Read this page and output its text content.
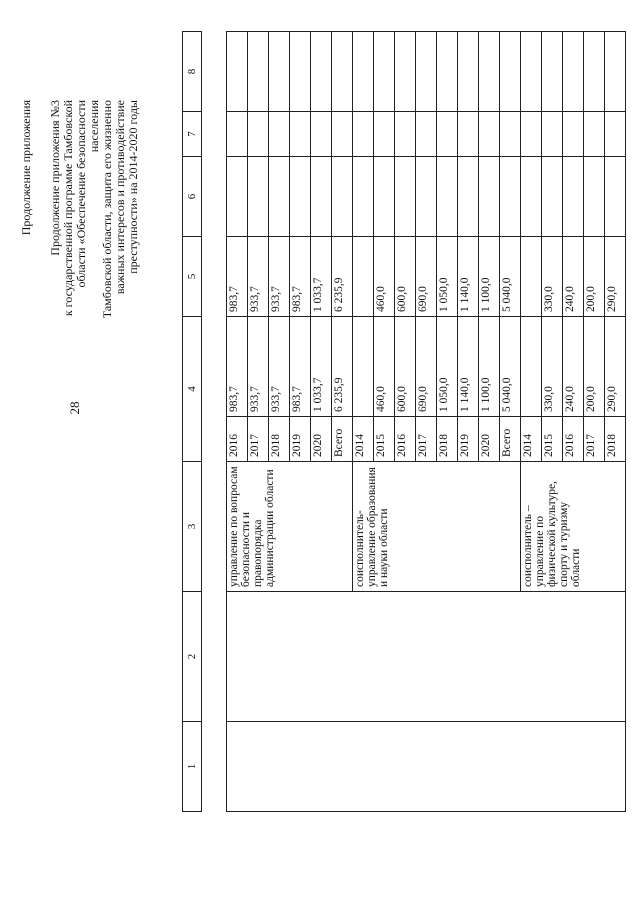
28

Продолжение приложения Продолжение приложения №3 к государственной программе Тамбовской области «Обеспечение безопасности населения Тамбовской области, защита его жизненно важных интересов и противодействие преступности» на 2014-2020 годы

1	2	3	4	5	6	7	8
		управление по вопросам безопасности и правопорядка администрации области	2016	983,7	983,7			
			2017	933,7	933,7			
			2018	933,7	933,7			
			2019	983,7	983,7			
			2020	1 033,7	1 033,7			
			Всего	6 235,9	6 235,9			
		соисполнитель-управление образования и науки области	2014					
			2015	460,0	460,0			
			2016	600,0	600,0			
			2017	690,0	690,0			
			2018	1 050,0	1 050,0			
			2019	1 140,0	1 140,0			
			2020	1 100,0	1 100,0			
			Всего	5 040,0	5 040,0			
		соисполнитель – управление по физической культуре, спорту и туризму области	2014					
			2015	330,0	330,0			
			2016	240,0	240,0			
			2017	200,0	200,0			
			2018	290,0	290,0			
